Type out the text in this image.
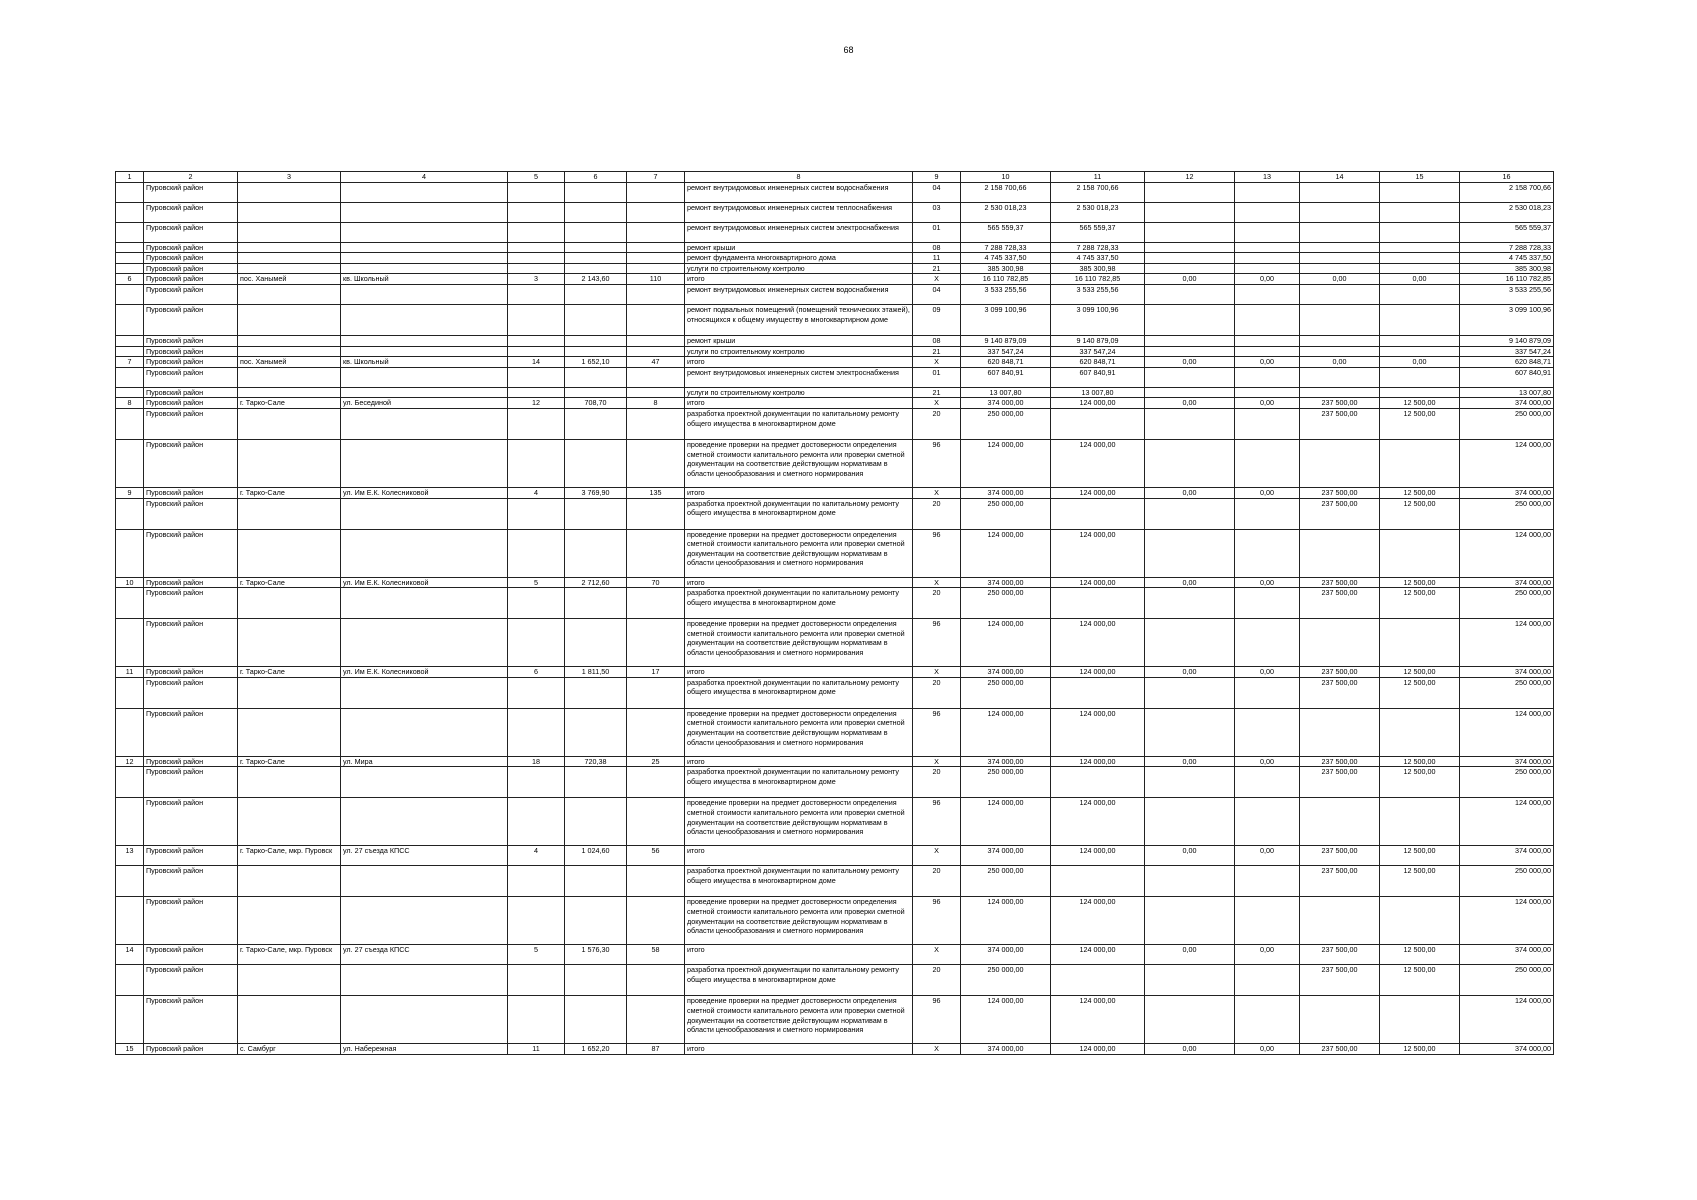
68
1	2	3	4	5	6	7	8	9	10	11	12	13	14	15	16
	Пуровский район						ремонт внутридомовых инженерных систем водоснабжения	04	2 158 700,66	2 158 700,66					2 158 700,66
	Пуровский район						ремонт внутридомовых инженерных систем теплоснабжения	03	2 530 018,23	2 530 018,23					2 530 018,23
	Пуровский район						ремонт внутридомовых инженерных систем электроснабжения	01	565 559,37	565 559,37					565 559,37
	Пуровский район						ремонт крыши	08	7 288 728,33	7 288 728,33					7 288 728,33
	Пуровский район						ремонт фундамента многоквартирного дома	11	4 745 337,50	4 745 337,50					4 745 337,50
	Пуровский район						услуги по строительному контролю	21	385 300,98	385 300,98					385 300,98
6	Пуровский район	пос. Ханымей	кв. Школьный	3	2 143,60	110	итого	X	16 110 782,85	16 110 782,85	0,00	0,00	0,00	0,00	16 110 782,85
	Пуровский район						ремонт внутридомовых инженерных систем водоснабжения	04	3 533 255,56	3 533 255,56					3 533 255,56
	Пуровский район						ремонт подвальных помещений (помещений технических этажей), относящихся к общему имуществу в многоквартирном доме	09	3 099 100,96	3 099 100,96					3 099 100,96
	Пуровский район						ремонт крыши	08	9 140 879,09	9 140 879,09					9 140 879,09
	Пуровский район						услуги по строительному контролю	21	337 547,24	337 547,24					337 547,24
7	Пуровский район	пос. Ханымей	кв. Школьный	14	1 652,10	47	итого	X	620 848,71	620 848,71	0,00	0,00	0,00	0,00	620 848,71
	Пуровский район						ремонт внутридомовых инженерных систем электроснабжения	01	607 840,91	607 840,91					607 840,91
	Пуровский район						услуги по строительному контролю	21	13 007,80	13 007,80					13 007,80
8	Пуровский район	г. Тарко-Сале	ул. Бесединой	12	708,70	8	итого	X	374 000,00	124 000,00	0,00	0,00	237 500,00	12 500,00	374 000,00
	Пуровский район						разработка проектной документации по капитальному ремонту общего имущества в многоквартирном доме	20	250 000,00				237 500,00	12 500,00	250 000,00
	Пуровский район						проведение проверки на предмет достоверности определения сметной стоимости капитального ремонта или проверки сметной документации на соответствие действующим нормативам в области ценообразования и сметного нормирования	96	124 000,00	124 000,00					124 000,00
9	Пуровский район	г. Тарко-Сале	ул. Им Е.К. Колесниковой	4	3 769,90	135	итого	X	374 000,00	124 000,00	0,00	0,00	237 500,00	12 500,00	374 000,00
	Пуровский район						разработка проектной документации по капитальному ремонту общего имущества в многоквартирном доме	20	250 000,00				237 500,00	12 500,00	250 000,00
	Пуровский район						проведение проверки на предмет достоверности определения сметной стоимости капитального ремонта или проверки сметной документации на соответствие действующим нормативам в области ценообразования и сметного нормирования	96	124 000,00	124 000,00					124 000,00
10	Пуровский район	г. Тарко-Сале	ул. Им Е.К. Колесниковой	5	2 712,60	70	итого	X	374 000,00	124 000,00	0,00	0,00	237 500,00	12 500,00	374 000,00
	Пуровский район						разработка проектной документации по капитальному ремонту общего имущества в многоквартирном доме	20	250 000,00				237 500,00	12 500,00	250 000,00
	Пуровский район						проведение проверки на предмет достоверности определения сметной стоимости капитального ремонта или проверки сметной документации на соответствие действующим нормативам в области ценообразования и сметного нормирования	96	124 000,00	124 000,00					124 000,00
11	Пуровский район	г. Тарко-Сале	ул. Им Е.К. Колесниковой	6	1 811,50	17	итого	X	374 000,00	124 000,00	0,00	0,00	237 500,00	12 500,00	374 000,00
	Пуровский район						разработка проектной документации по капитальному ремонту общего имущества в многоквартирном доме	20	250 000,00				237 500,00	12 500,00	250 000,00
	Пуровский район						проведение проверки на предмет достоверности определения сметной стоимости капитального ремонта или проверки сметной документации на соответствие действующим нормативам в области ценообразования и сметного нормирования	96	124 000,00	124 000,00					124 000,00
12	Пуровский район	г. Тарко-Сале	ул. Мира	18	720,38	25	итого	X	374 000,00	124 000,00	0,00	0,00	237 500,00	12 500,00	374 000,00
	Пуровский район						разработка проектной документации по капитальному ремонту общего имущества в многоквартирном доме	20	250 000,00				237 500,00	12 500,00	250 000,00
	Пуровский район						проведение проверки на предмет достоверности определения сметной стоимости капитального ремонта или проверки сметной документации на соответствие действующим нормативам в области ценообразования и сметного нормирования	96	124 000,00	124 000,00					124 000,00
13	Пуровский район	г. Тарко-Сале, мкр. Пуровск	ул. 27 съезда КПСС	4	1 024,60	56	итого	X	374 000,00	124 000,00	0,00	0,00	237 500,00	12 500,00	374 000,00
	Пуровский район						разработка проектной документации по капитальному ремонту общего имущества в многоквартирном доме	20	250 000,00				237 500,00	12 500,00	250 000,00
	Пуровский район						проведение проверки на предмет достоверности определения сметной стоимости капитального ремонта или проверки сметной документации на соответствие действующим нормативам в области ценообразования и сметного нормирования	96	124 000,00	124 000,00					124 000,00
14	Пуровский район	г. Тарко-Сале, мкр. Пуровск	ул. 27 съезда КПСС	5	1 576,30	58	итого	X	374 000,00	124 000,00	0,00	0,00	237 500,00	12 500,00	374 000,00
	Пуровский район						разработка проектной документации по капитальному ремонту общего имущества в многоквартирном доме	20	250 000,00				237 500,00	12 500,00	250 000,00
	Пуровский район						проведение проверки на предмет достоверности определения сметной стоимости капитального ремонта или проверки сметной документации на соответствие действующим нормативам в области ценообразования и сметного нормирования	96	124 000,00	124 000,00					124 000,00
15	Пуровский район	с. Самбург	ул. Набережная	11	1 652,20	87	итого	X	374 000,00	124 000,00	0,00	0,00	237 500,00	12 500,00	374 000,00
